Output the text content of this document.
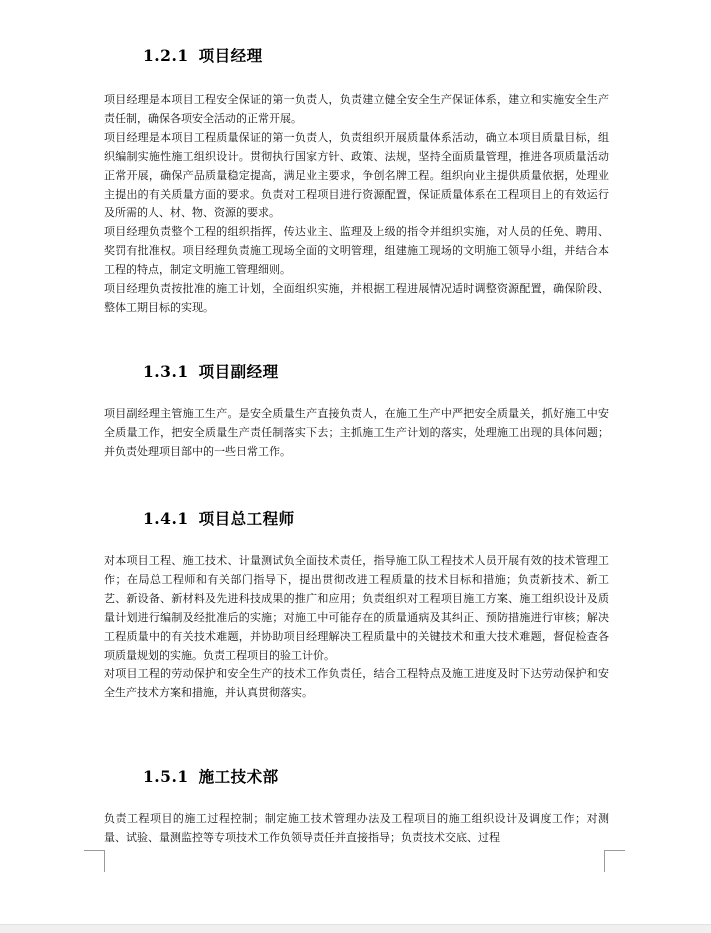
1.2.1 项目经理

项目经理是本项目工程安全保证的第一负责人，负责建立健全安全生产保证体系，建立和实施安全生产责任制，确保各项安全活动的正常开展。

项目经理是本项目工程质量保证的第一负责人，负责组织开展质量体系活动，确立本项目质量目标，组织编制实施性施工组织设计。贯彻执行国家方针、政策、法规，坚持全面质量管理，推进各项质量活动正常开展，确保产品质量稳定提高，满足业主要求，争创名牌工程。组织向业主提供质量依据，处理业主提出的有关质量方面的要求。负责对工程项目进行资源配置，保证质量体系在工程项目上的有效运行及所需的人、材、物、资源的要求。

项目经理负责整个工程的组织指挥，传达业主、监理及上级的指令并组织实施，对人员的任免、聘用、奖罚有批准权。项目经理负责施工现场全面的文明管理，组建施工现场的文明施工领导小组，并结合本工程的特点，制定文明施工管理细则。

项目经理负责按批准的施工计划，全面组织实施，并根据工程进展情况适时调整资源配置，确保阶段、整体工期目标的实现。

1.3.1 项目副经理

项目副经理主管施工生产。是安全质量生产直接负责人，在施工生产中严把安全质量关，抓好施工中安全质量工作，把安全质量生产责任制落实下去；主抓施工生产计划的落实，处理施工出现的具体问题；并负责处理项目部中的一些日常工作。

1.4.1 项目总工程师

对本项目工程、施工技术、计量测试负全面技术责任，指导施工队工程技术人员开展有效的技术管理工作；在局总工程师和有关部门指导下，提出贯彻改进工程质量的技术目标和措施；负责新技术、新工艺、新设备、新材料及先进科技成果的推广和应用；负责组织对工程项目施工方案、施工组织设计及质量计划进行编制及经批准后的实施；对施工中可能存在的质量通病及其纠正、预防措施进行审核；解决工程质量中的有关技术难题，并协助项目经理解决工程质量中的关键技术和重大技术难题，督促检查各项质量规划的实施。负责工程项目的验工计价。

对项目工程的劳动保护和安全生产的技术工作负责任，结合工程特点及施工进度及时下达劳动保护和安全生产技术方案和措施，并认真贯彻落实。

1.5.1 施工技术部

负责工程项目的施工过程控制；制定施工技术管理办法及工程项目的施工组织设计及调度工作；对测量、试验、量测监控等专项技术工作负领导责任并直接指导；负责技术交底、过程
